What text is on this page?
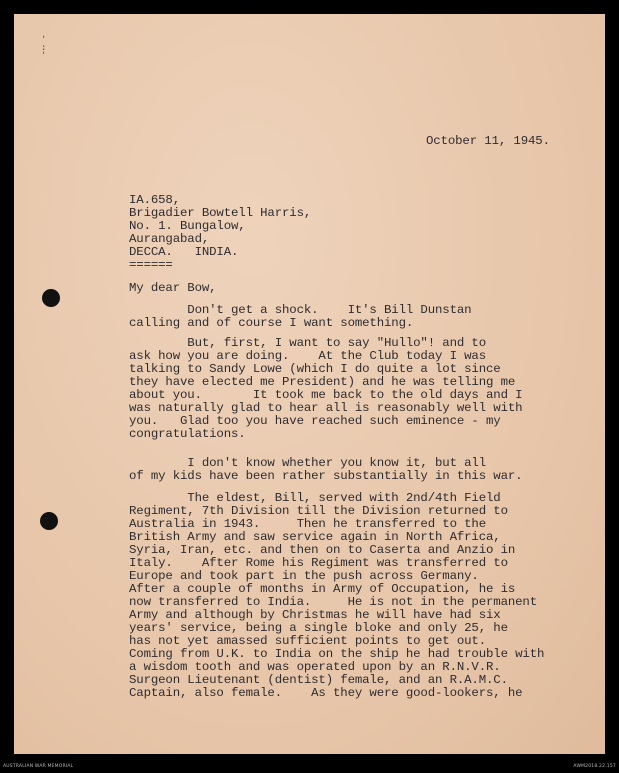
'
:
'
October 11, 1945.
IA.658,
Brigadier Bowtell Harris,
No. 1. Bungalow,
Aurangabad,
DECCA.   INDIA.
======
My dear Bow,
Don't get a shock.    It's Bill Dunstan
calling and of course I want something.
But, first, I want to say "Hullo"! and to
ask how you are doing.    At the Club today I was
talking to Sandy Lowe (which I do quite a lot since
they have elected me President) and he was telling me
about you.       It took me back to the old days and I
was naturally glad to hear all is reasonably well with
you.   Glad too you have reached such eminence - my
congratulations.
I don't know whether you know it, but all
of my kids have been rather substantially in this war.
The eldest, Bill, served with 2nd/4th Field
Regiment, 7th Division till the Division returned to
Australia in 1943.     Then he transferred to the
British Army and saw service again in North Africa,
Syria, Iran, etc. and then on to Caserta and Anzio in
Italy.    After Rome his Regiment was transferred to
Europe and took part in the push across Germany.
After a couple of months in Army of Occupation, he is
now transferred to India.     He is not in the permanent
Army and although by Christmas he will have had six
years' service, being a single bloke and only 25, he
has not yet amassed sufficient points to get out.
Coming from U.K. to India on the ship he had trouble with
a wisdom tooth and was operated upon by an R.N.V.R.
Surgeon Lieutenant (dentist) female, and an R.A.M.C.
Captain, also female.    As they were good-lookers, he
AUSTRALIAN WAR MEMORIAL	AWM2018.22.157
